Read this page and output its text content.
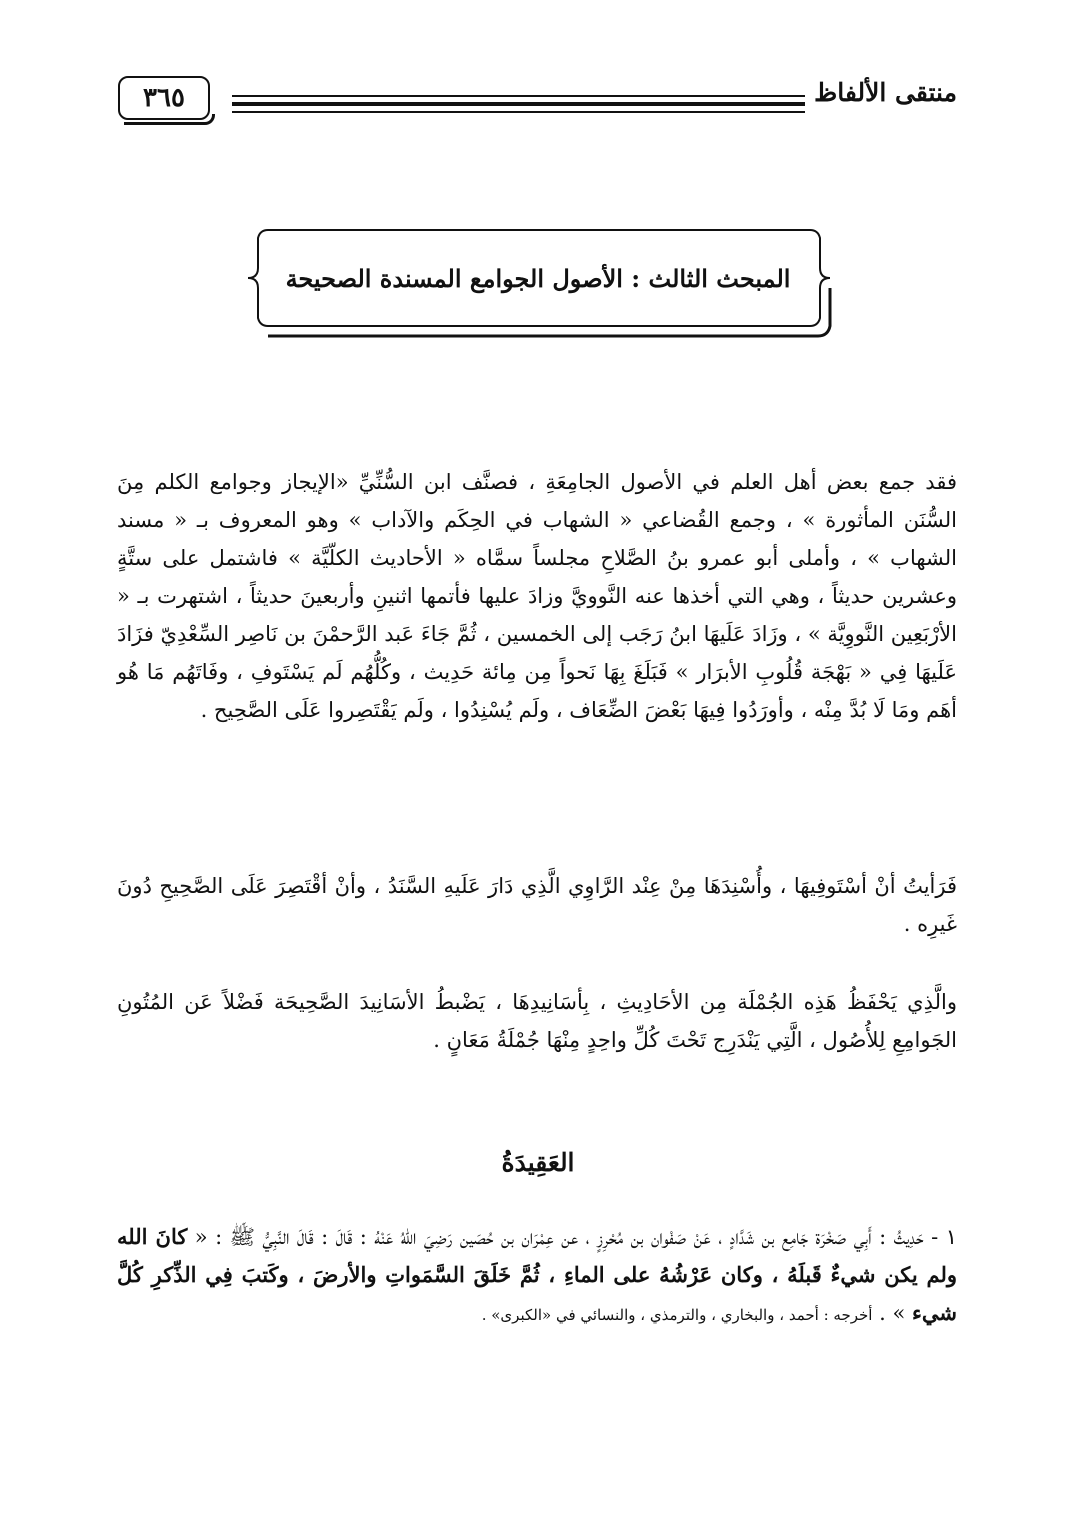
منتقى الألفاظ
٣٦٥
المبحث الثالث : الأصول الجوامع المسندة الصحيحة

فقد جمع بعض أهل العلم في الأصول الجامِعَةِ ، فصنَّف ابن السُّنِّيِّ «الإيجاز وجوامع الكلم مِنَ السُّنَن المأثورة » ، وجمع القُضاعي « الشهاب في الحِكَم والآداب » وهو المعروف بـ « مسند الشهاب » ، وأملى أبو عمرو بنُ الصَّلاحِ مجلساً سمَّاه « الأحاديث الكلّيَّة » فاشتمل على ستَّةٍ وعشرين حديثاً ، وهي التي أخذها عنه النَّوويَّ وزادَ عليها فأتمها اثنينِ وأربعينَ حديثاً ، اشتهرت بـ « الأرْبَعِين النَّووِيَّة » ، وزَادَ عَلَيهَا ابنُ رَجَب إلى الخمسين ، ثُمَّ جَاءَ عَبد الرَّحمْنَ بن نَاصِر السِّعْدِيّ فزَادَ عَلَيهَا فِي « بَهْجَة قُلُوبِ الأبرَار » فَبَلَغَ بِهَا نَحواً مِن مِائة حَدِيث ، وكُلُّهُم لَم يَسْتَوفِ ، وفَاتَهُم مَا هُو أهَم ومَا لَا بُدَّ مِنْه ، وأورَدُوا فِيهَا بَعْضَ الضِّعَاف ، ولَم يُسْنِدُوا ، ولَم يَقْتَصِروا عَلَى الصَّحِيح .

فَرَأيتُ أنْ أسْتَوفِيهَا ، وأُسْنِدَهَا مِنْ عِنْد الرَّاوِي الَّذِي دَارَ عَلَيهِ السَّنَدُ ، وأنْ أقْتَصِرَ عَلَى الصَّحِيحِ دُونَ غَيرِه .

والَّذِي يَحْفَظُ هَذِه الجُمْلَة مِن الأحَادِيثِ ، بِأسَانِيدِهَا ، يَضْبطُ الأسَانِيدَ الصَّحِيحَة فَضْلاً عَن المُتُونِ الجَوامِعِ لِلأُصُول ، الَّتِي يَنْدَرِج تَحْتَ كُلِّ واحِدٍ مِنْهَا جُمْلَةُ مَعَانٍ .

العَقِيدَةُ

١ - حَدِيثُ : أَبِي صَخْرَة جَامِع بن شَدَّادٍ ، عَنْ صَفْوان بن مُحْرِزٍ ، عن عِمْرَان بن حُصَين رَضِيَ اللهُ عَنْهُ : قَالَ : قَالَ النَّبِيُّ ﷺ : « كانَ الله ولم يكن شيءٌ قَبلَهُ ، وكان عَرْشُهُ على الماءِ ، ثُمَّ خَلَقَ السَّمَواتِ والأرضَ ، وكَتبَ فِي الذِّكرِ كُلَّ شيء » . أخرجه : أحمد ، والبخاري ، والترمذي ، والنسائي في «الكبرى» .
